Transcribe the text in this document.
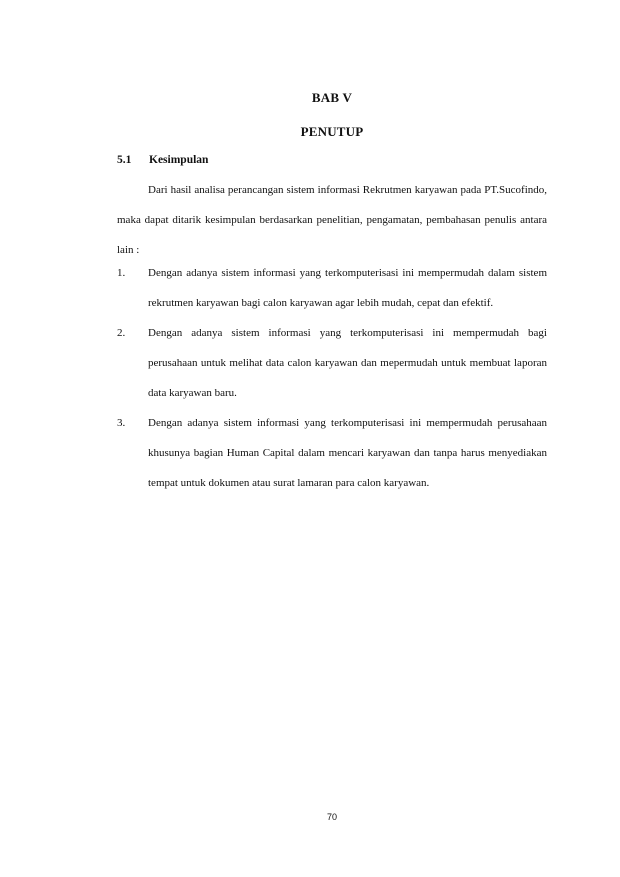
BAB V
PENUTUP
5.1 Kesimpulan

Dari hasil analisa perancangan sistem informasi Rekrutmen karyawan pada PT.Sucofindo, maka dapat ditarik kesimpulan berdasarkan penelitian, pengamatan, pembahasan penulis antara lain :

1. Dengan adanya sistem informasi yang terkomputerisasi ini mempermudah dalam sistem rekrutmen karyawan bagi calon karyawan agar lebih mudah, cepat dan efektif.
2. Dengan adanya sistem informasi yang terkomputerisasi ini mempermudah bagi perusahaan untuk melihat data calon karyawan dan mepermudah untuk membuat laporan data karyawan baru.
3. Dengan adanya sistem informasi yang terkomputerisasi ini mempermudah perusahaan khusunya bagian Human Capital dalam mencari karyawan dan tanpa harus menyediakan tempat untuk dokumen atau surat lamaran para calon karyawan.
70
